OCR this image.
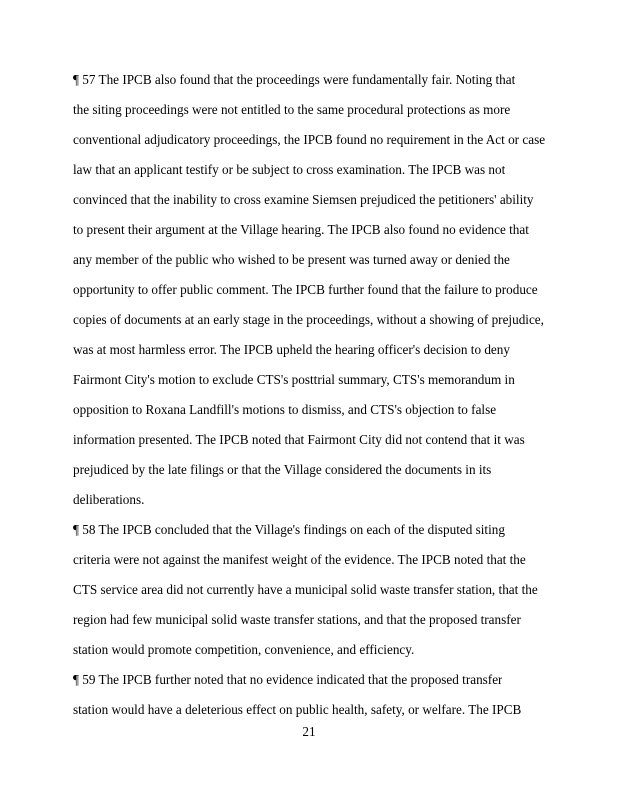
¶ 57 The IPCB also found that the proceedings were fundamentally fair. Noting that
the siting proceedings were not entitled to the same procedural protections as more
conventional adjudicatory proceedings, the IPCB found no requirement in the Act or case
law that an applicant testify or be subject to cross examination. The IPCB was not
convinced that the inability to cross examine Siemsen prejudiced the petitioners' ability
to present their argument at the Village hearing. The IPCB also found no evidence that
any member of the public who wished to be present was turned away or denied the
opportunity to offer public comment. The IPCB further found that the failure to produce
copies of documents at an early stage in the proceedings, without a showing of prejudice,
was at most harmless error. The IPCB upheld the hearing officer's decision to deny
Fairmont City's motion to exclude CTS's posttrial summary, CTS's memorandum in
opposition to Roxana Landfill's motions to dismiss, and CTS's objection to false
information presented. The IPCB noted that Fairmont City did not contend that it was
prejudiced by the late filings or that the Village considered the documents in its
deliberations.
¶ 58 The IPCB concluded that the Village's findings on each of the disputed siting
criteria were not against the manifest weight of the evidence. The IPCB noted that the
CTS service area did not currently have a municipal solid waste transfer station, that the
region had few municipal solid waste transfer stations, and that the proposed transfer
station would promote competition, convenience, and efficiency.
¶ 59 The IPCB further noted that no evidence indicated that the proposed transfer
station would have a deleterious effect on public health, safety, or welfare. The IPCB
21
